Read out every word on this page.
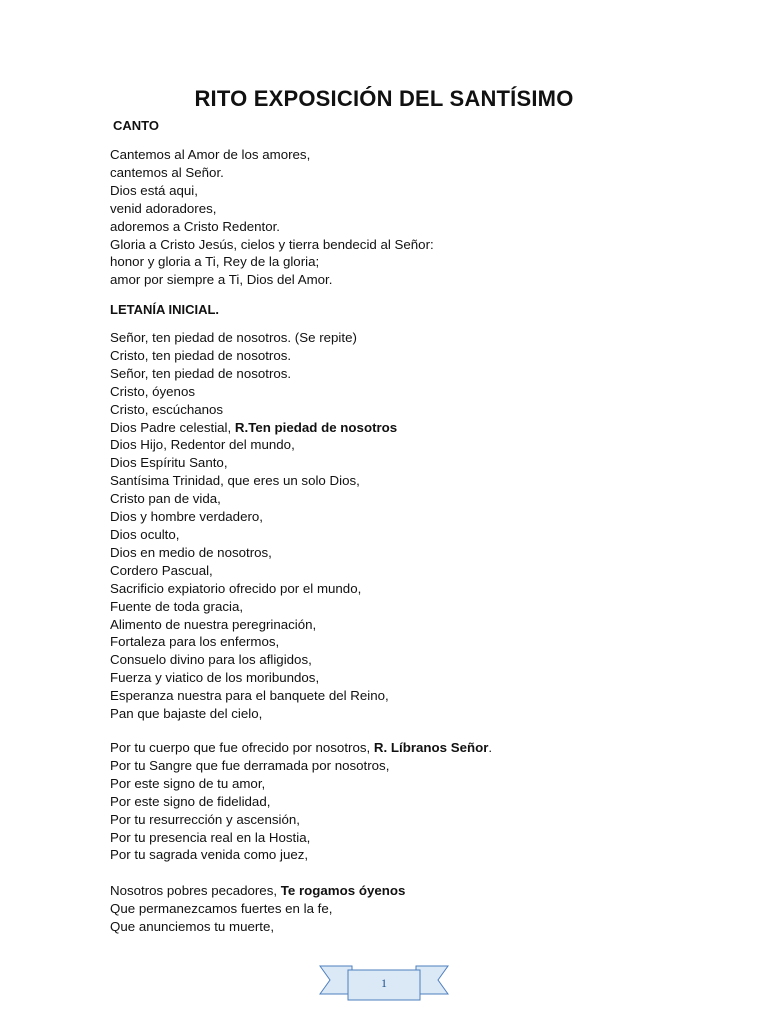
RITO EXPOSICIÓN DEL SANTÍSIMO
CANTO
Cantemos al Amor de los amores,
cantemos al Señor.
Dios está aqui,
venid adoradores,
adoremos a Cristo Redentor.
Gloria a Cristo Jesús, cielos y tierra bendecid al Señor:
honor y gloria a Ti, Rey de la gloria;
amor por siempre a Ti, Dios del Amor.
LETANÍA INICIAL.
Señor, ten piedad de nosotros. (Se repite)
Cristo, ten piedad de nosotros.
Señor, ten piedad de nosotros.
Cristo, óyenos
Cristo, escúchanos
Dios Padre celestial, R.Ten piedad de nosotros
Dios Hijo, Redentor del mundo,
Dios Espíritu Santo,
Santísima Trinidad, que eres un solo Dios,
Cristo pan de vida,
Dios y hombre verdadero,
Dios oculto,
Dios en medio de nosotros,
Cordero Pascual,
Sacrificio expiatorio ofrecido por el mundo,
Fuente de toda gracia,
Alimento de nuestra peregrinación,
Fortaleza para los enfermos,
Consuelo divino para los afligidos,
Fuerza y viatico de los moribundos,
Esperanza nuestra para el banquete del Reino,
Pan que bajaste del cielo,
Por tu cuerpo que fue ofrecido por nosotros, R. Líbranos Señor.
Por tu Sangre que fue derramada por nosotros,
Por este signo de tu amor,
Por este signo de fidelidad,
Por tu resurrección y ascensión,
Por tu presencia real en la Hostia,
Por tu sagrada venida como juez,
Nosotros pobres pecadores, Te rogamos óyenos
Que permanezcamos fuertes en la fe,
Que anunciemos tu muerte,
1
